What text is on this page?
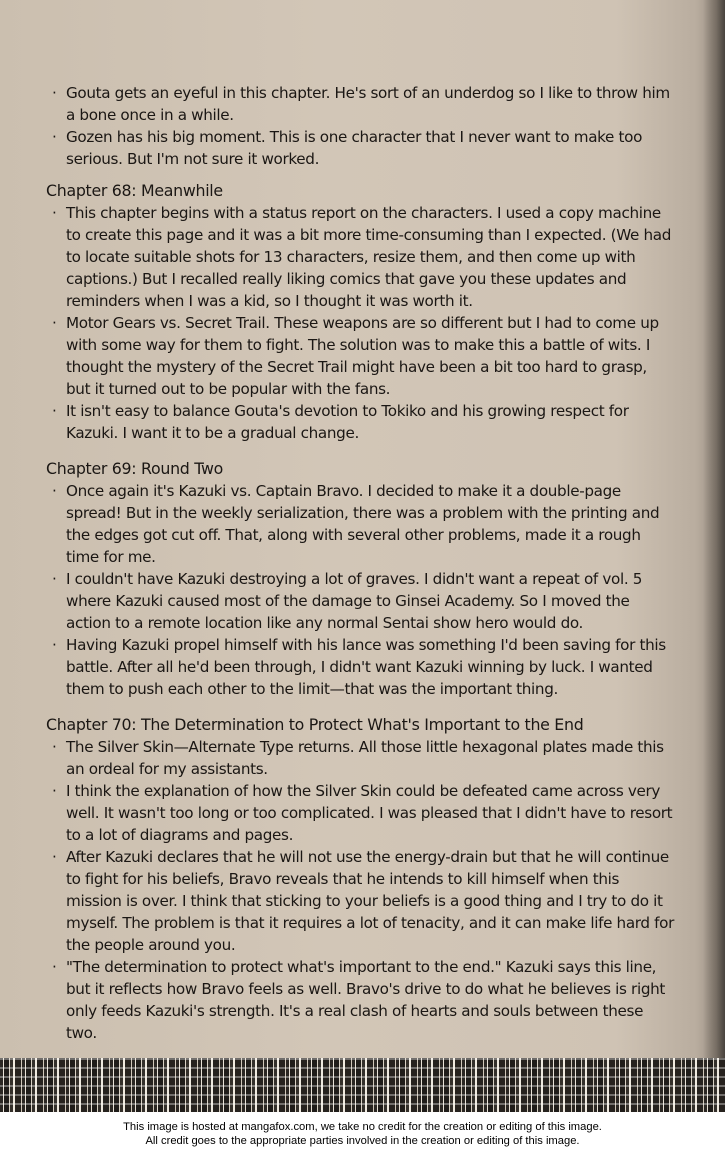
· Gouta gets an eyeful in this chapter. He's sort of an underdog so I like to throw him a bone once in a while.
· Gozen has his big moment. This is one character that I never want to make too serious. But I'm not sure it worked.
Chapter 68: Meanwhile
· This chapter begins with a status report on the characters. I used a copy machine to create this page and it was a bit more time-consuming than I expected. (We had to locate suitable shots for 13 characters, resize them, and then come up with captions.) But I recalled really liking comics that gave you these updates and reminders when I was a kid, so I thought it was worth it.
· Motor Gears vs. Secret Trail. These weapons are so different but I had to come up with some way for them to fight. The solution was to make this a battle of wits. I thought the mystery of the Secret Trail might have been a bit too hard to grasp, but it turned out to be popular with the fans.
· It isn't easy to balance Gouta's devotion to Tokiko and his growing respect for Kazuki. I want it to be a gradual change.
Chapter 69: Round Two
· Once again it's Kazuki vs. Captain Bravo. I decided to make it a double-page spread! But in the weekly serialization, there was a problem with the printing and the edges got cut off. That, along with several other problems, made it a rough time for me.
· I couldn't have Kazuki destroying a lot of graves. I didn't want a repeat of vol. 5 where Kazuki caused most of the damage to Ginsei Academy. So I moved the action to a remote location like any normal Sentai show hero would do.
· Having Kazuki propel himself with his lance was something I'd been saving for this battle. After all he'd been through, I didn't want Kazuki winning by luck. I wanted them to push each other to the limit—that was the important thing.
Chapter 70: The Determination to Protect What's Important to the End
· The Silver Skin—Alternate Type returns. All those little hexagonal plates made this an ordeal for my assistants.
· I think the explanation of how the Silver Skin could be defeated came across very well. It wasn't too long or too complicated. I was pleased that I didn't have to resort to a lot of diagrams and pages.
· After Kazuki declares that he will not use the energy-drain but that he will continue to fight for his beliefs, Bravo reveals that he intends to kill himself when this mission is over. I think that sticking to your beliefs is a good thing and I try to do it myself. The problem is that it requires a lot of tenacity, and it can make life hard for the people around you.
· "The determination to protect what's important to the end." Kazuki says this line, but it reflects how Bravo feels as well. Bravo's drive to do what he believes is right only feeds Kazuki's strength. It's a real clash of hearts and souls between these two.
This image is hosted at mangafox.com, we take no credit for the creation or editing of this image.
All credit goes to the appropriate parties involved in the creation or editing of this image.
